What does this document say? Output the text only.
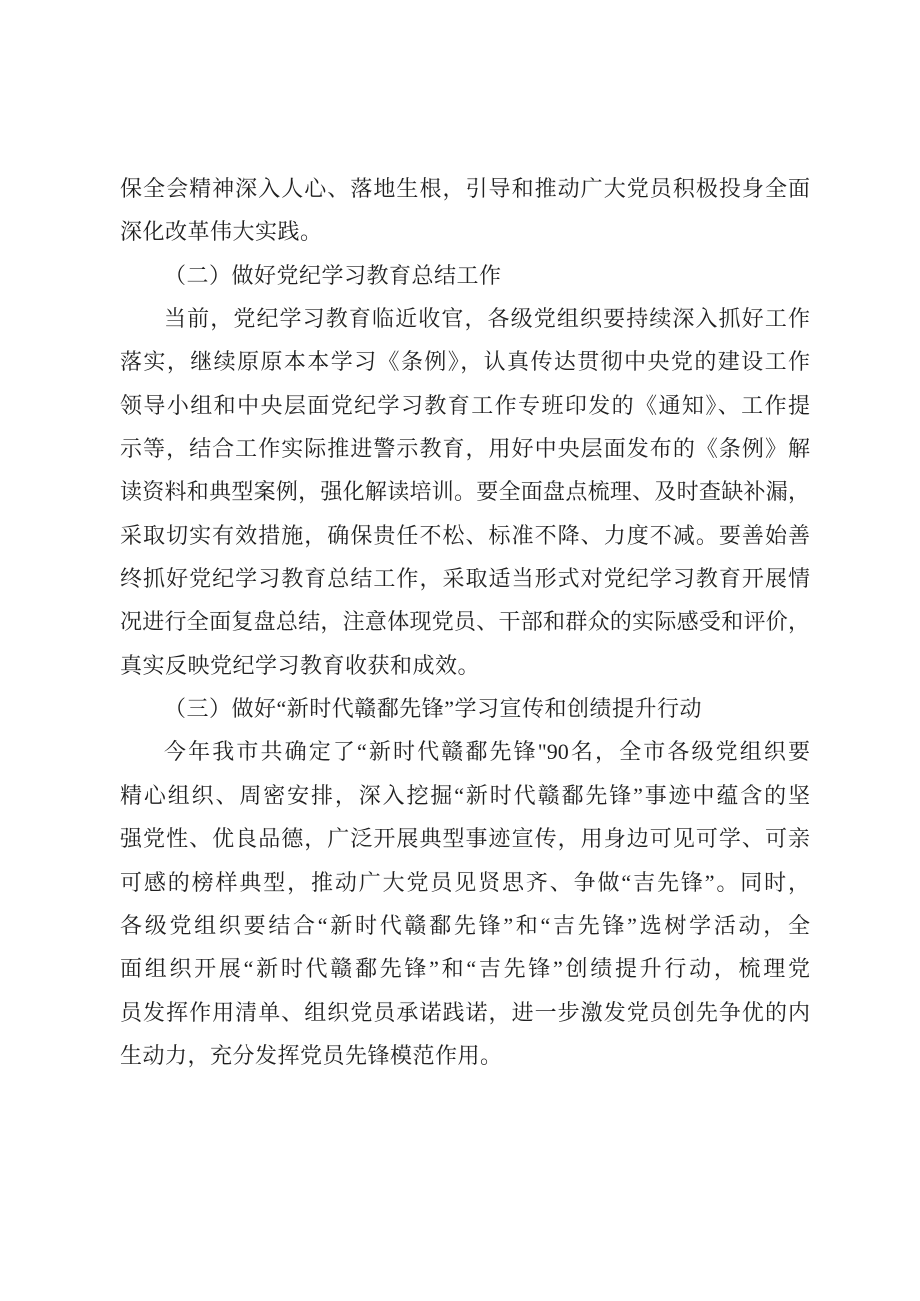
保全会精神深入人心、落地生根，引导和推动广大党员积极投身全面
深化改革伟大实践。
（二）做好党纪学习教育总结工作
当前，党纪学习教育临近收官，各级党组织要持续深入抓好工作
落实，继续原原本本学习《条例》，认真传达贯彻中央党的建设工作
领导小组和中央层面党纪学习教育工作专班印发的《通知》、工作提
示等，结合工作实际推进警示教育，用好中央层面发布的《条例》解
读资料和典型案例，强化解读培训。要全面盘点梳理、及时查缺补漏，
采取切实有效措施，确保贵任不松、标准不降、力度不减。要善始善
终抓好党纪学习教育总结工作，采取适当形式对党纪学习教育开展情
况进行全面复盘总结，注意体现党员、干部和群众的实际感受和评价，
真实反映党纪学习教育收获和成效。
（三）做好“新时代赣鄱先锋”学习宣传和创绩提升行动
今年我市共确定了“新时代赣鄱先锋"90名，全市各级党组织要
精心组织、周密安排，深入挖掘“新时代赣鄱先锋”事迹中蕴含的坚
强党性、优良品德，广泛开展典型事迹宣传，用身边可见可学、可亲
可感的榜样典型，推动广大党员见贤思齐、争做“吉先锋”。同时，
各级党组织要结合“新时代赣鄱先锋”和“吉先锋”选树学活动，全
面组织开展“新时代赣鄱先锋”和“吉先锋”创绩提升行动，梳理党
员发挥作用清单、组织党员承诺践诺，进一步激发党员创先争优的内
生动力，充分发挥党员先锋模范作用。
